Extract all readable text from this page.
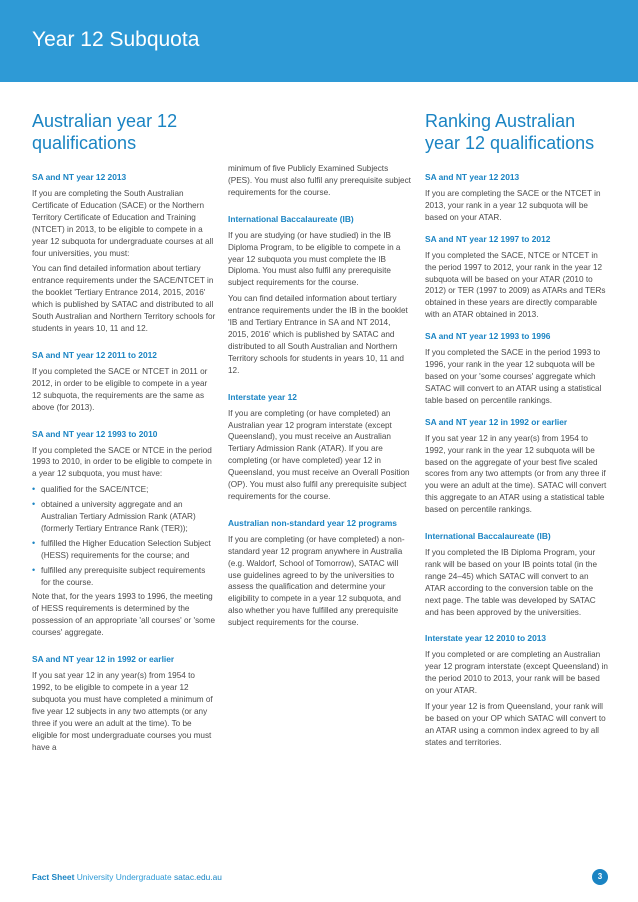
Year 12 Subquota
Australian year 12 qualifications
SA and NT year 12 2013

If you are completing the South Australian Certificate of Education (SACE) or the Northern Territory Certificate of Education and Training (NTCET) in 2013, to be eligible to compete in a year 12 subquota for undergraduate courses at all four universities, you must:

You can find detailed information about tertiary entrance requirements under the SACE/NTCET in the booklet 'Tertiary Entrance 2014, 2015, 2016' which is published by SATAC and distributed to all South Australian and Northern Territory schools for students in years 10, 11 and 12.

SA and NT year 12 2011 to 2012

If you completed the SACE or NTCET in 2011 or 2012, in order to be eligible to compete in a year 12 subquota, the requirements are the same as above (for 2013).

SA and NT year 12 1993 to 2010

If you completed the SACE or NTCE in the period 1993 to 2010, in order to be eligible to compete in a year 12 subquota, you must have:

• qualified for the SACE/NTCE;
• obtained a university aggregate and an Australian Tertiary Admission Rank (ATAR) (formerly Tertiary Entrance Rank (TER));
• fulfilled the Higher Education Selection Subject (HESS) requirements for the course; and
• fulfilled any prerequisite subject requirements for the course.

Note that, for the years 1993 to 1996, the meeting of HESS requirements is determined by the possession of an appropriate 'all courses' or 'some courses' aggregate.

SA and NT year 12 in 1992 or earlier

If you sat year 12 in any year(s) from 1954 to 1992, to be eligible to compete in a year 12 subquota you must have completed a minimum of five year 12 subjects in any two attempts (or any three if you were an adult at the time). To be eligible for most undergraduate courses you must have a

minimum of five Publicly Examined Subjects (PES). You must also fulfil any prerequisite subject requirements for the course.

International Baccalaureate (IB)

If you are studying (or have studied) in the IB Diploma Program, to be eligible to compete in a year 12 subquota you must complete the IB Diploma. You must also fulfil any prerequisite subject requirements for the course.

You can find detailed information about tertiary entrance requirements under the IB in the booklet 'IB and Tertiary Entrance in SA and NT 2014, 2015, 2016' which is published by SATAC and distributed to all South Australian and Northern Territory schools for students in years 10, 11 and 12.

Interstate year 12

If you are completing (or have completed) an Australian year 12 program interstate (except Queensland), you must receive an Australian Tertiary Admission Rank (ATAR). If you are completing (or have completed) year 12 in Queensland, you must receive an Overall Position (OP). You must also fulfil any prerequisite subject requirements for the course.

Australian non-standard year 12 programs

If you are completing (or have completed) a non-standard year 12 program anywhere in Australia (e.g. Waldorf, School of Tomorrow), SATAC will use guidelines agreed to by the universities to assess the qualification and determine your eligibility to compete in a year 12 subquota, and also whether you have fulfilled any prerequisite subject requirements for the course.

Ranking Australian year 12 qualifications
SA and NT year 12 2013

If you are completing the SACE or the NTCET in 2013, your rank in a year 12 subquota will be based on your ATAR.

SA and NT year 12 1997 to 2012

If you completed the SACE, NTCE or NTCET in the period 1997 to 2012, your rank in the year 12 subquota will be based on your ATAR (2010 to 2012) or TER (1997 to 2009) as ATARs and TERs obtained in these years are directly comparable with an ATAR obtained in 2013.

SA and NT year 12 1993 to 1996

If you completed the SACE in the period 1993 to 1996, your rank in the year 12 subquota will be based on your 'some courses' aggregate which SATAC will convert to an ATAR using a statistical table based on percentile rankings.

SA and NT year 12 in 1992 or earlier

If you sat year 12 in any year(s) from 1954 to 1992, your rank in the year 12 subquota will be based on the aggregate of your best five scaled scores from any two attempts (or from any three if you were an adult at the time). SATAC will convert this aggregate to an ATAR using a statistical table based on percentile rankings.

International Baccalaureate (IB)

If you completed the IB Diploma Program, your rank will be based on your IB points total (in the range 24–45) which SATAC will convert to an ATAR according to the conversion table on the next page. The table was developed by SATAC and has been approved by the universities.

Interstate year 12 2010 to 2013

If you completed or are completing an Australian year 12 program interstate (except Queensland) in the period 2010 to 2013, your rank will be based on your ATAR.

If your year 12 is from Queensland, your rank will be based on your OP which SATAC will convert to an ATAR using a common index agreed to by all states and territories.

Fact Sheet University Undergraduate satac.edu.au	3
